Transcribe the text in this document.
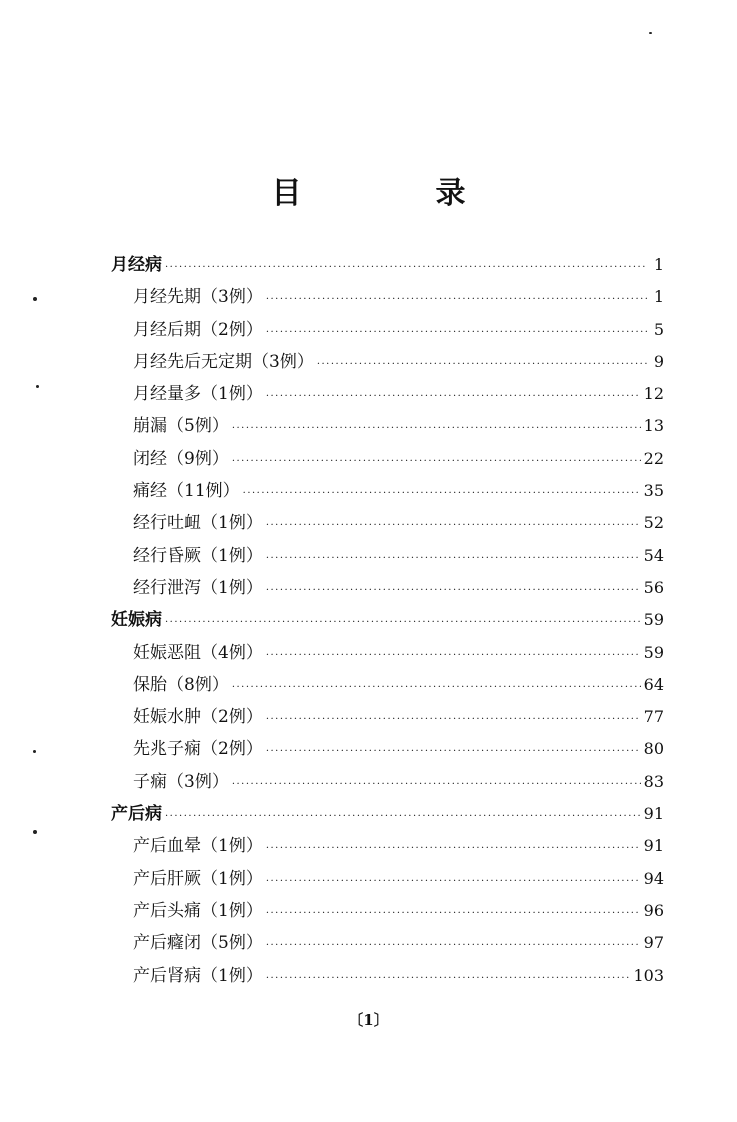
目　录
月经病 ·····	1
月经先期（3例） ·····	1
月经后期（2例） ·····	5
月经先后无定期（3例） ·····	9
月经量多（1例） ·····	12
崩漏（5例） ·····	13
闭经（9例） ·····	22
痛经（11例） ·····	35
经行吐衄（1例） ·····	52
经行昏厥（1例） ·····	54
经行泄泻（1例） ·····	56
妊娠病 ·····	59
妊娠恶阻（4例） ·····	59
保胎（8例） ·····	64
妊娠水肿（2例） ·····	77
先兆子痫（2例） ·····	80
子痫（3例） ·····	83
产后病 ·····	91
产后血晕（1例） ·····	91
产后肝厥（1例） ·····	94
产后头痛（1例） ·····	96
产后癃闭（5例） ·····	97
产后肾病（1例） ·····	103
〔1〕
